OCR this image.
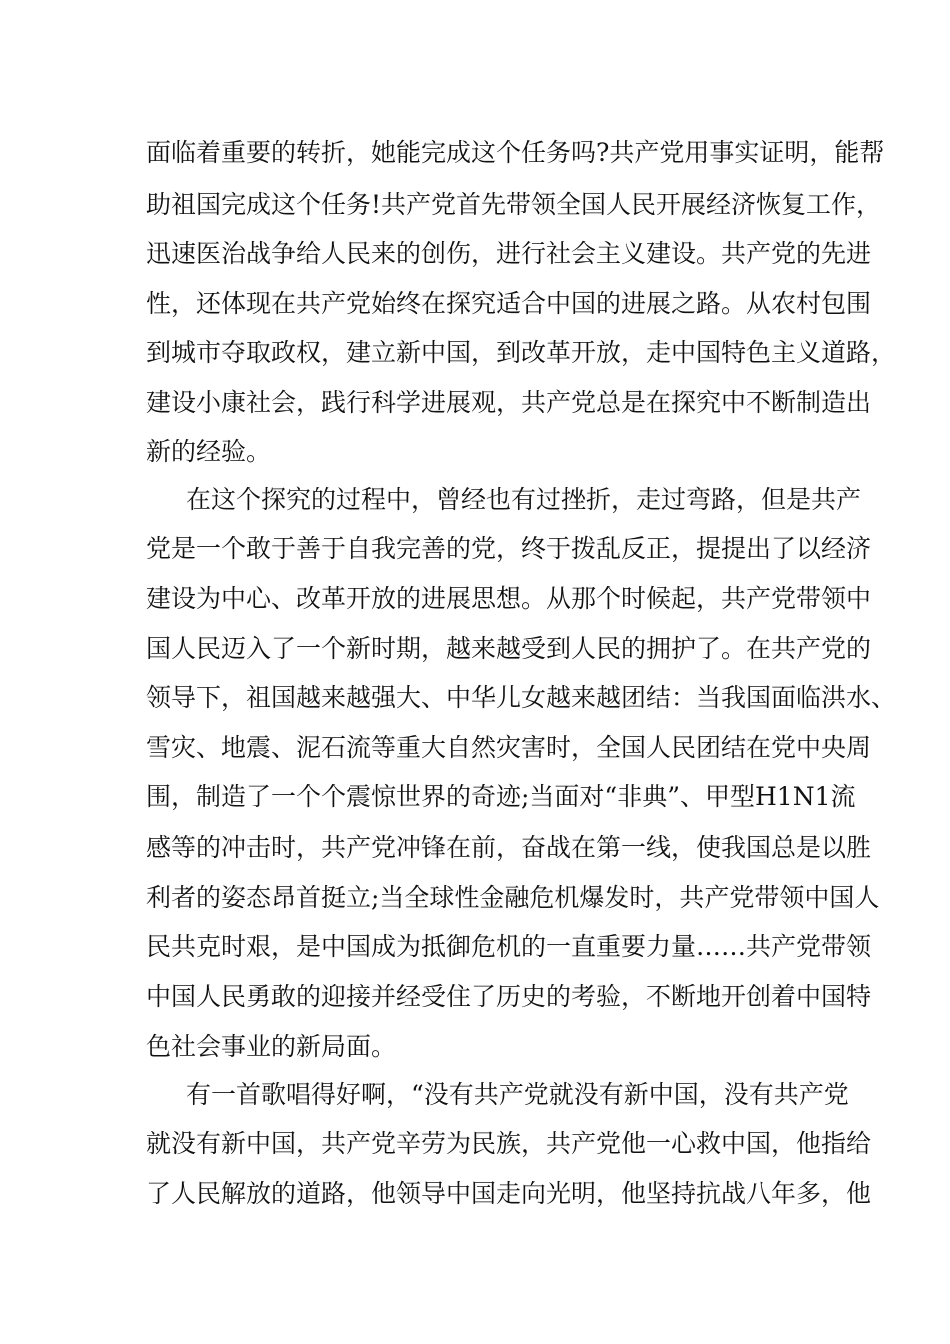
面临着重要的转折，她能完成这个任务吗?共产党用事实证明，能帮
助祖国完成这个任务!共产党首先带领全国人民开展经济恢复工作，
迅速医治战争给人民来的创伤，进行社会主义建设。共产党的先进
性，还体现在共产党始终在探究适合中国的进展之路。从农村包围
到城市夺取政权，建立新中国，到改革开放，走中国特色主义道路，
建设小康社会，践行科学进展观，共产党总是在探究中不断制造出
新的经验。
在这个探究的过程中，曾经也有过挫折，走过弯路，但是共产
党是一个敢于善于自我完善的党，终于拨乱反正，提提出了以经济
建设为中心、改革开放的进展思想。从那个时候起，共产党带领中
国人民迈入了一个新时期，越来越受到人民的拥护了。在共产党的
领导下，祖国越来越强大、中华儿女越来越团结：当我国面临洪水、
雪灾、地震、泥石流等重大自然灾害时，全国人民团结在党中央周
围，制造了一个个震惊世界的奇迹;当面对“非典”、甲型H1N1流
感等的冲击时，共产党冲锋在前，奋战在第一线，使我国总是以胜
利者的姿态昂首挺立;当全球性金融危机爆发时，共产党带领中国人
民共克时艰，是中国成为抵御危机的一直重要力量……共产党带领
中国人民勇敢的迎接并经受住了历史的考验，不断地开创着中国特
色社会事业的新局面。
有一首歌唱得好啊，“没有共产党就没有新中国，没有共产党
就没有新中国，共产党辛劳为民族，共产党他一心救中国，他指给
了人民解放的道路，他领导中国走向光明，他坚持抗战八年多，他
